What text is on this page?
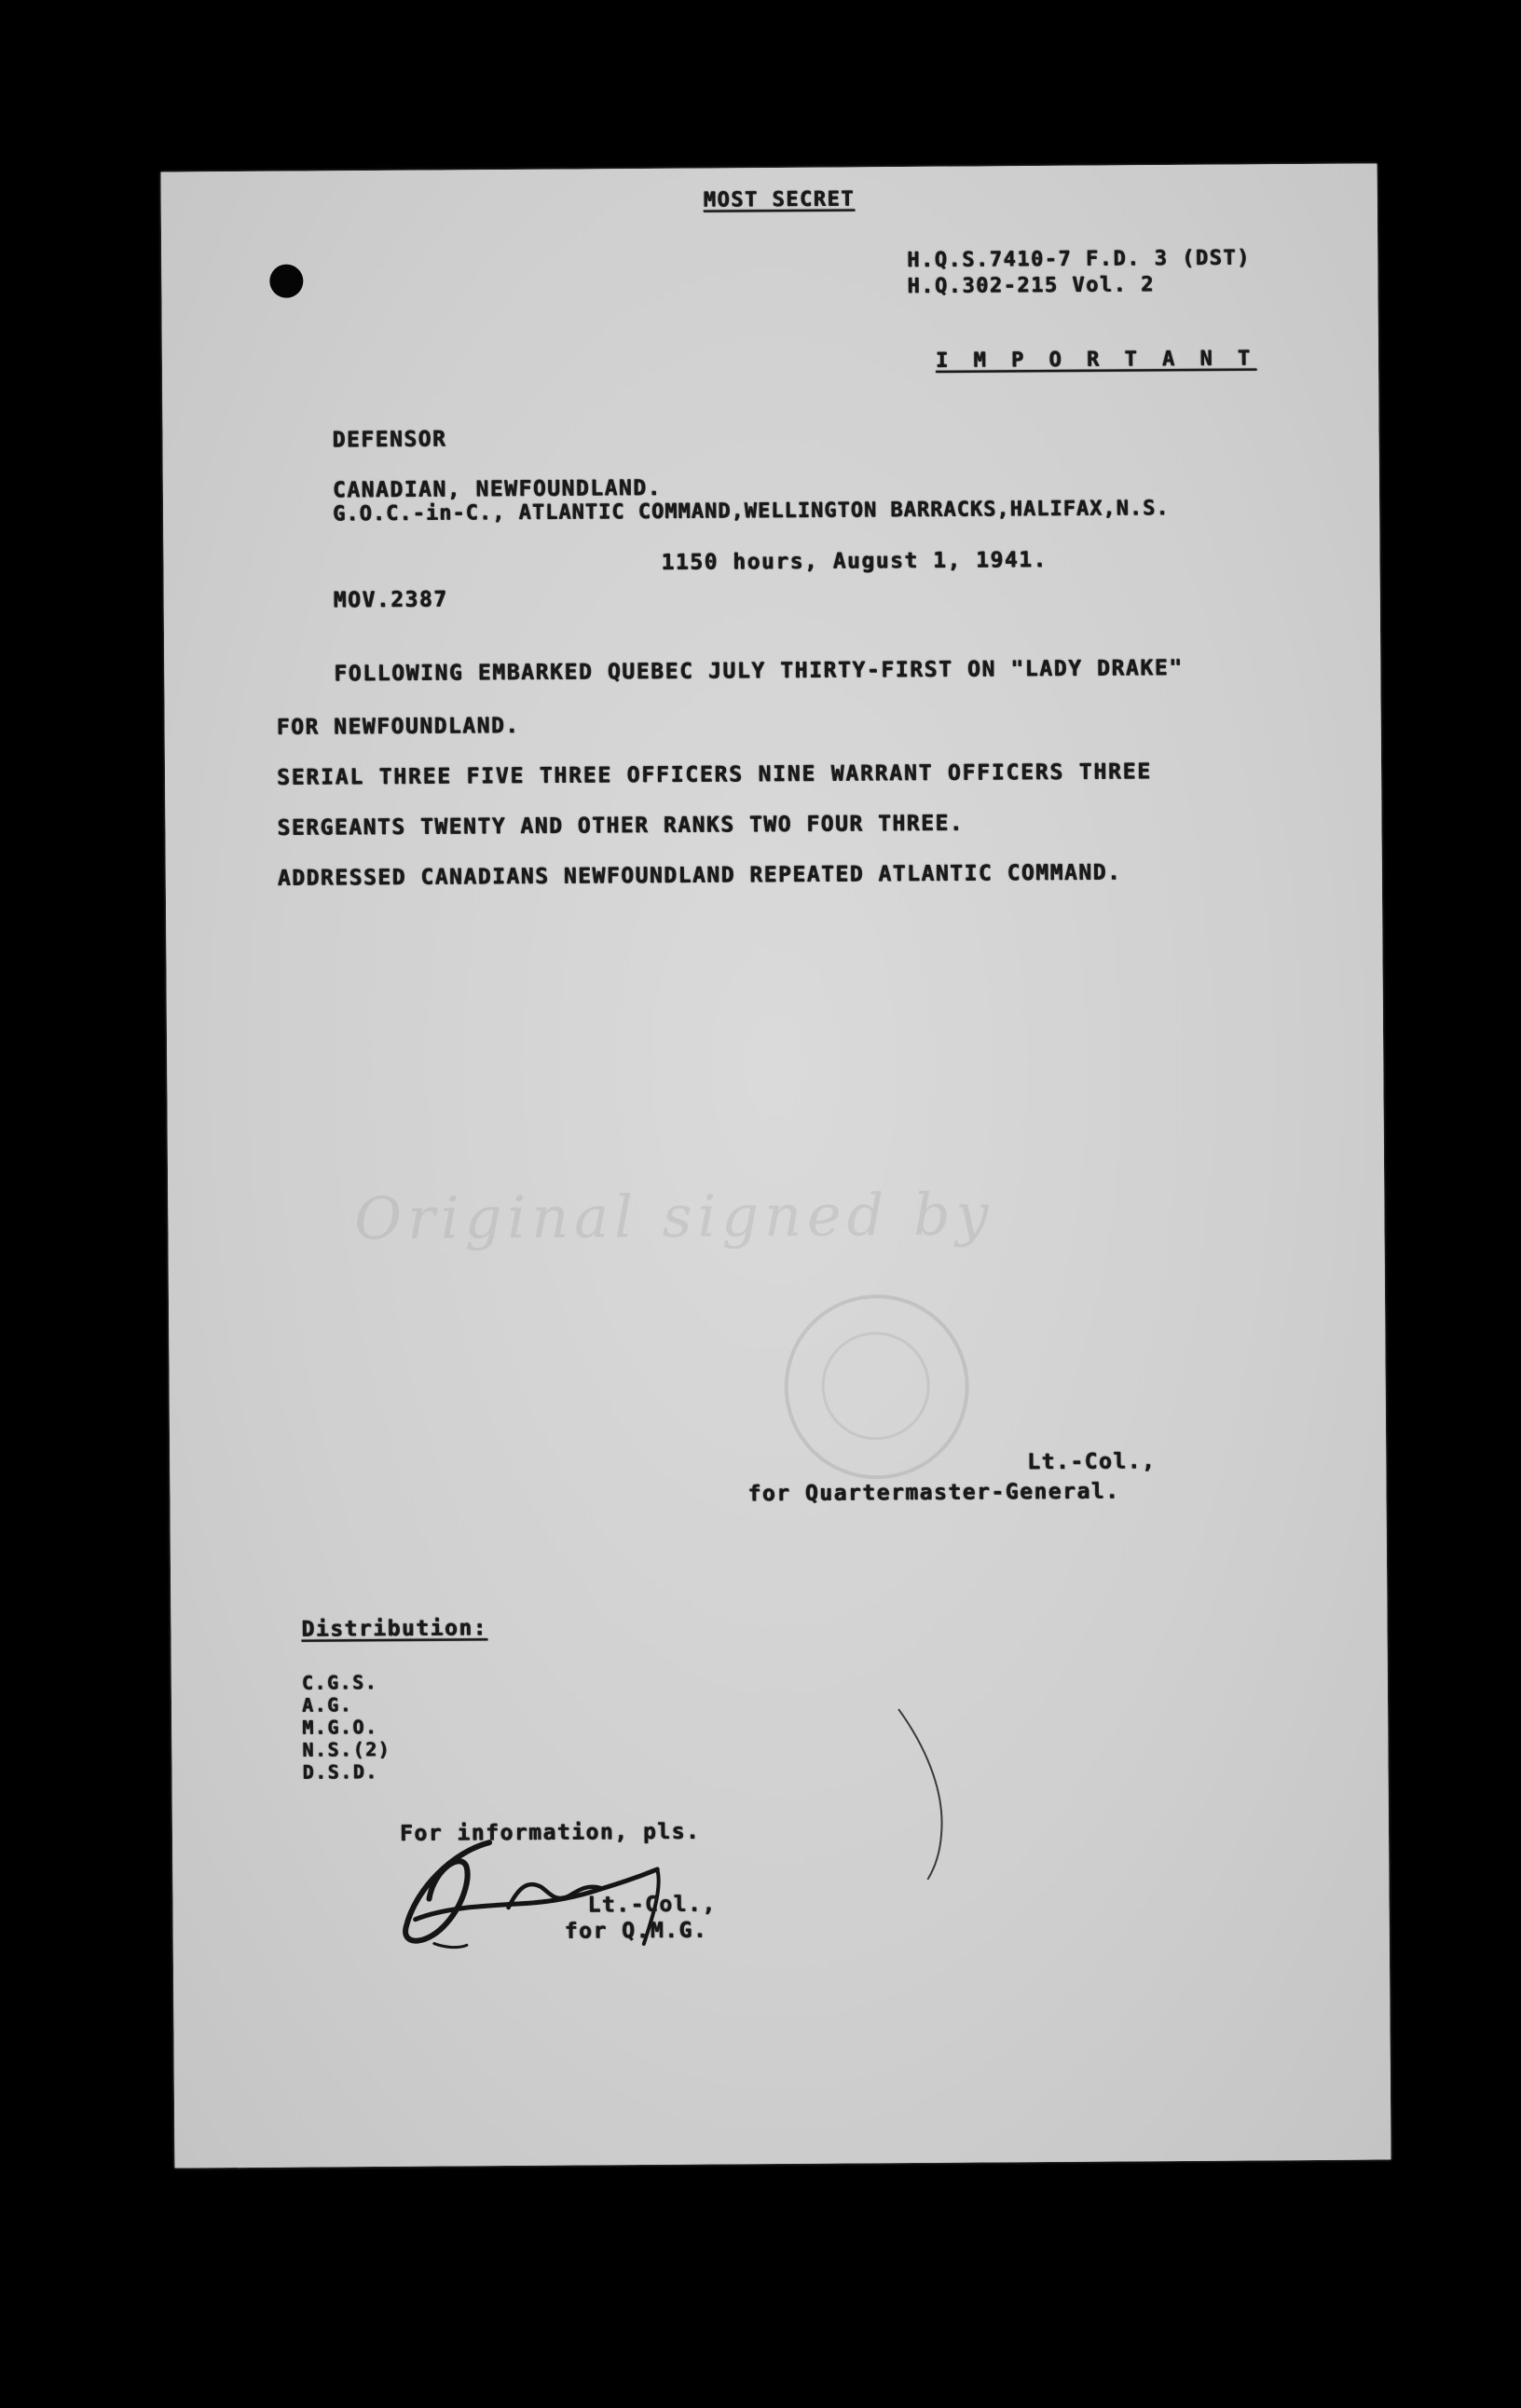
MOST SECRET
H.Q.S.7410-7 F.D. 3 (DST)
H.Q.302-215 Vol. 2
I M P O R T A N T
DEFENSOR
CANADIAN, NEWFOUNDLAND.
G.O.C.-in-C., ATLANTIC COMMAND,WELLINGTON BARRACKS,HALIFAX,N.S.
1150 hours, August 1, 1941.
MOV.2387
FOLLOWING EMBARKED QUEBEC JULY THIRTY-FIRST ON "LADY DRAKE"
FOR NEWFOUNDLAND.
SERIAL THREE FIVE THREE OFFICERS NINE WARRANT OFFICERS THREE
SERGEANTS TWENTY AND OTHER RANKS TWO FOUR THREE.
ADDRESSED CANADIANS NEWFOUNDLAND REPEATED ATLANTIC COMMAND.
Original signed by
Lt.-Col.,
for Quartermaster-General.
Distribution:
C.G.S.
A.G.
M.G.O.
N.S.(2)
D.S.D.
For information, pls.
Lt.-Col.,
for Q.M.G.
